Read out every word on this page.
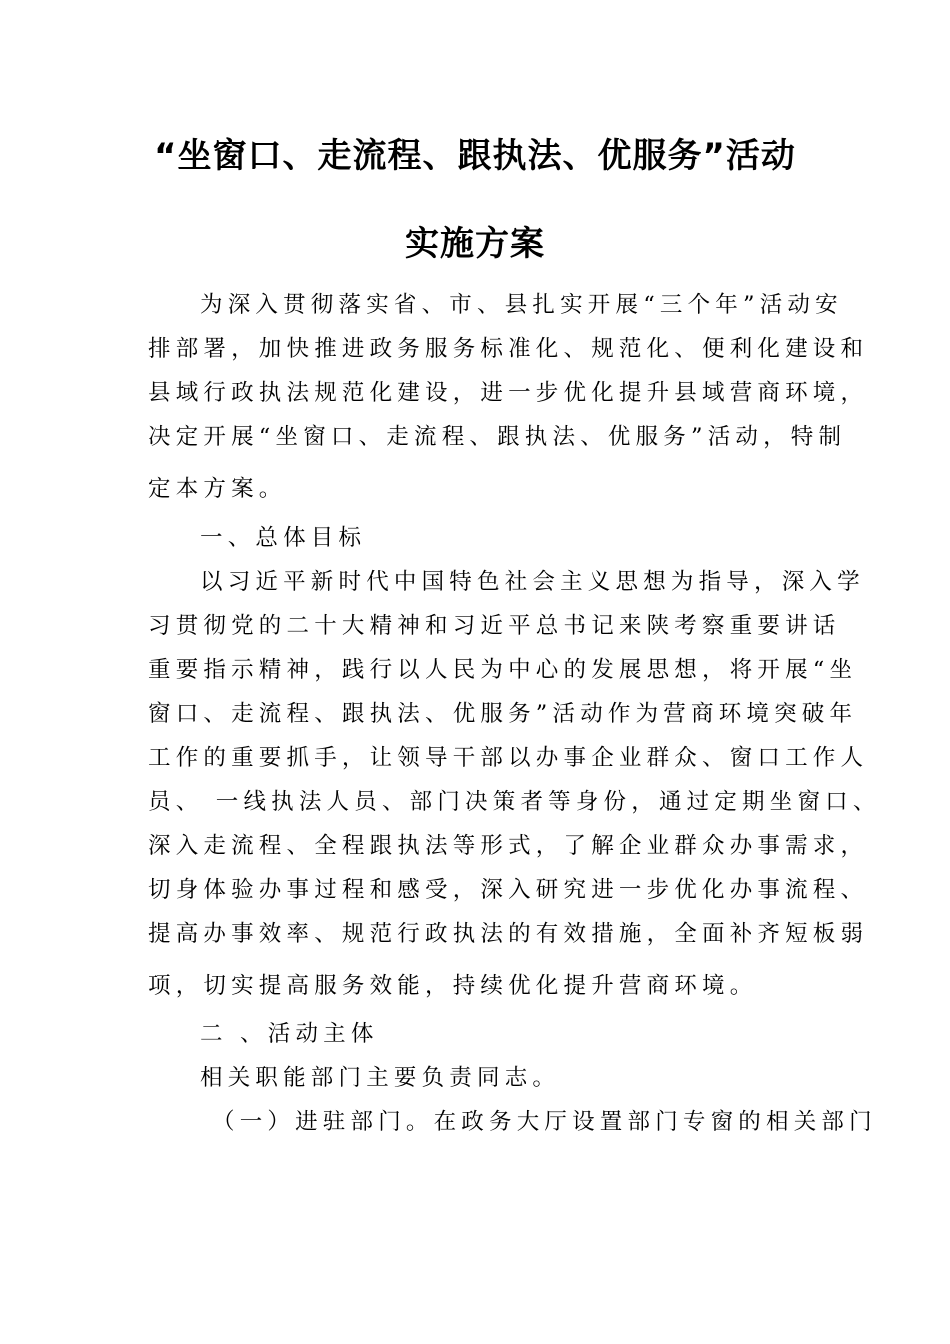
“坐窗口、走流程、跟执法、优服务”活动
实施方案
为深入贯彻落实省、市、县扎实开展“三个年”活动安
排部署，加快推进政务服务标准化、规范化、便利化建设和
县域行政执法规范化建设，进一步优化提升县域营商环境，
决定开展“坐窗口、走流程、跟执法、优服务”活动，特制
定本方案。
一、总体目标
以习近平新时代中国特色社会主义思想为指导，深入学
习贯彻党的二十大精神和习近平总书记来陕考察重要讲话
重要指示精神，践行以人民为中心的发展思想，将开展“坐
窗口、走流程、跟执法、优服务”活动作为营商环境突破年
工作的重要抓手，让领导干部以办事企业群众、窗口工作人
员、 一线执法人员、部门决策者等身份，通过定期坐窗口、
深入走流程、全程跟执法等形式，了解企业群众办事需求，
切身体验办事过程和感受，深入研究进一步优化办事流程、
提高办事效率、规范行政执法的有效措施，全面补齐短板弱
项，切实提高服务效能，持续优化提升营商环境。
二 、活动主体
相关职能部门主要负责同志。
（一）进驻部门。在政务大厅设置部门专窗的相关部门
